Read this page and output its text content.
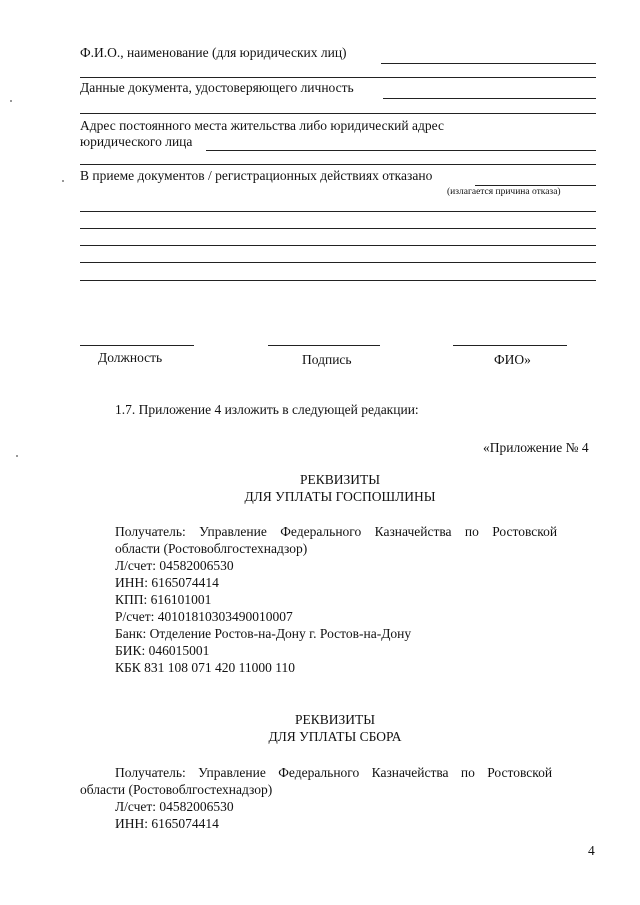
Ф.И.О., наименование (для юридических лиц)
Данные документа, удостоверяющего личность
Адрес постоянного места жительства либо юридический адрес
юридического лица
В приеме документов / регистрационных действиях отказано
(излагается причина отказа)
Должность	Подпись	ФИО»
1.7. Приложение 4 изложить в следующей редакции:
«Приложение № 4
РЕКВИЗИТЫ
ДЛЯ УПЛАТЫ ГОСПОШЛИНЫ
Получатель: Управление Федерального Казначейства по Ростовской
области (Ростовоблгостехнадзор)
Л/счет: 04582006530
ИНН: 6165074414
КПП: 616101001
Р/счет: 40101810303490010007
Банк: Отделение Ростов-на-Дону г. Ростов-на-Дону
БИК: 046015001
КБК 831 108 071 420 11000 110
РЕКВИЗИТЫ
ДЛЯ УПЛАТЫ СБОРА
Получатель: Управление Федерального Казначейства по Ростовской
области (Ростовоблгостехнадзор)
Л/счет: 04582006530
ИНН: 6165074414
4
